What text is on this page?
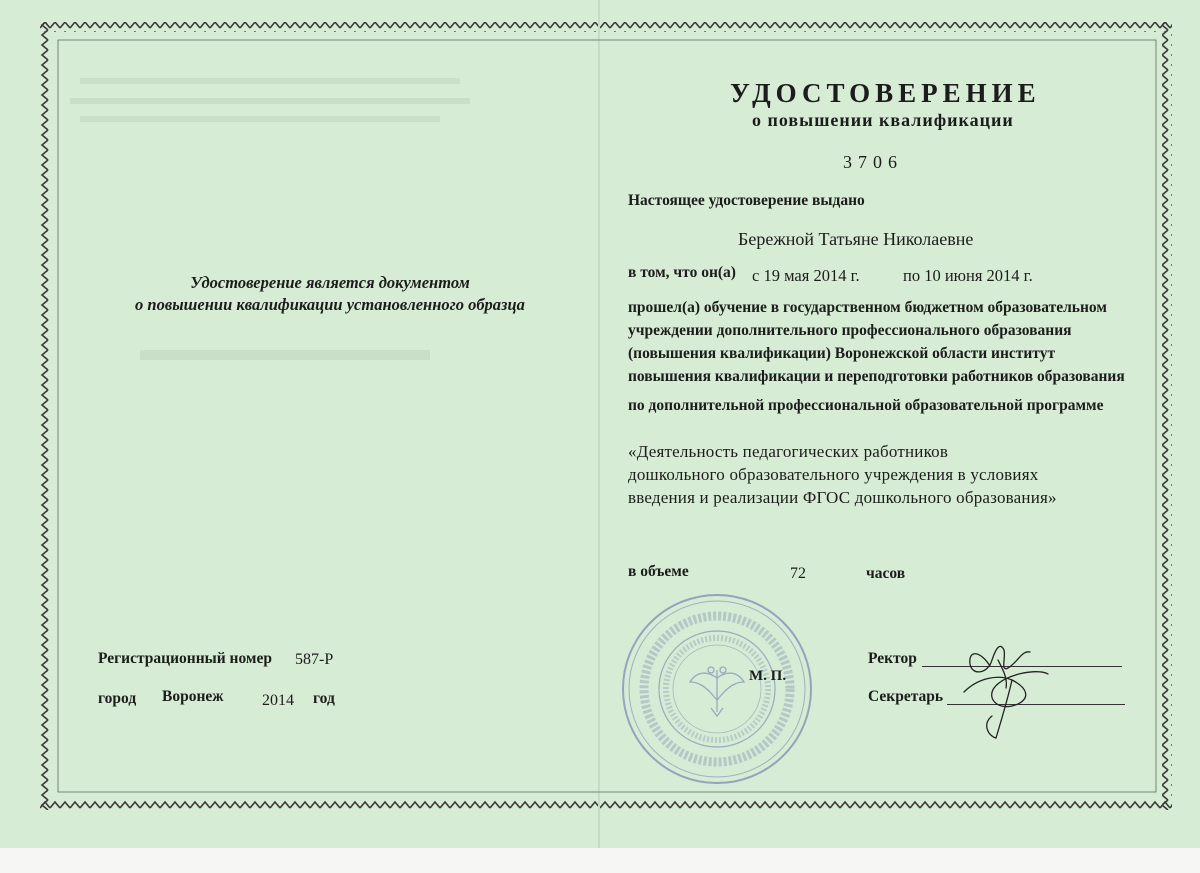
Удостоверение является документом
о повышении квалификации установленного образца
Регистрационный номер 587-Р
город Воронеж 2014 год
УДОСТОВЕРЕНИЕ
о повышении квалификации
3706
Настоящее удостоверение выдано
Бережной Татьяне Николаевне
в том, что он(а) с 19 мая 2014 г.	по 10 июня 2014 г.
прошел(а) обучение в государственном бюджетном образовательном
учреждении дополнительного профессионального образования
(повышения квалификации) Воронежской области институт
повышения квалификации и переподготовки работников образования
по дополнительной профессиональной образовательной программе
«Деятельность педагогических работников
дошкольного образовательного учреждения в условиях
введения и реализации ФГОС дошкольного образования»
в объеме	72	часов
М. П.
Ректор
Секретарь
